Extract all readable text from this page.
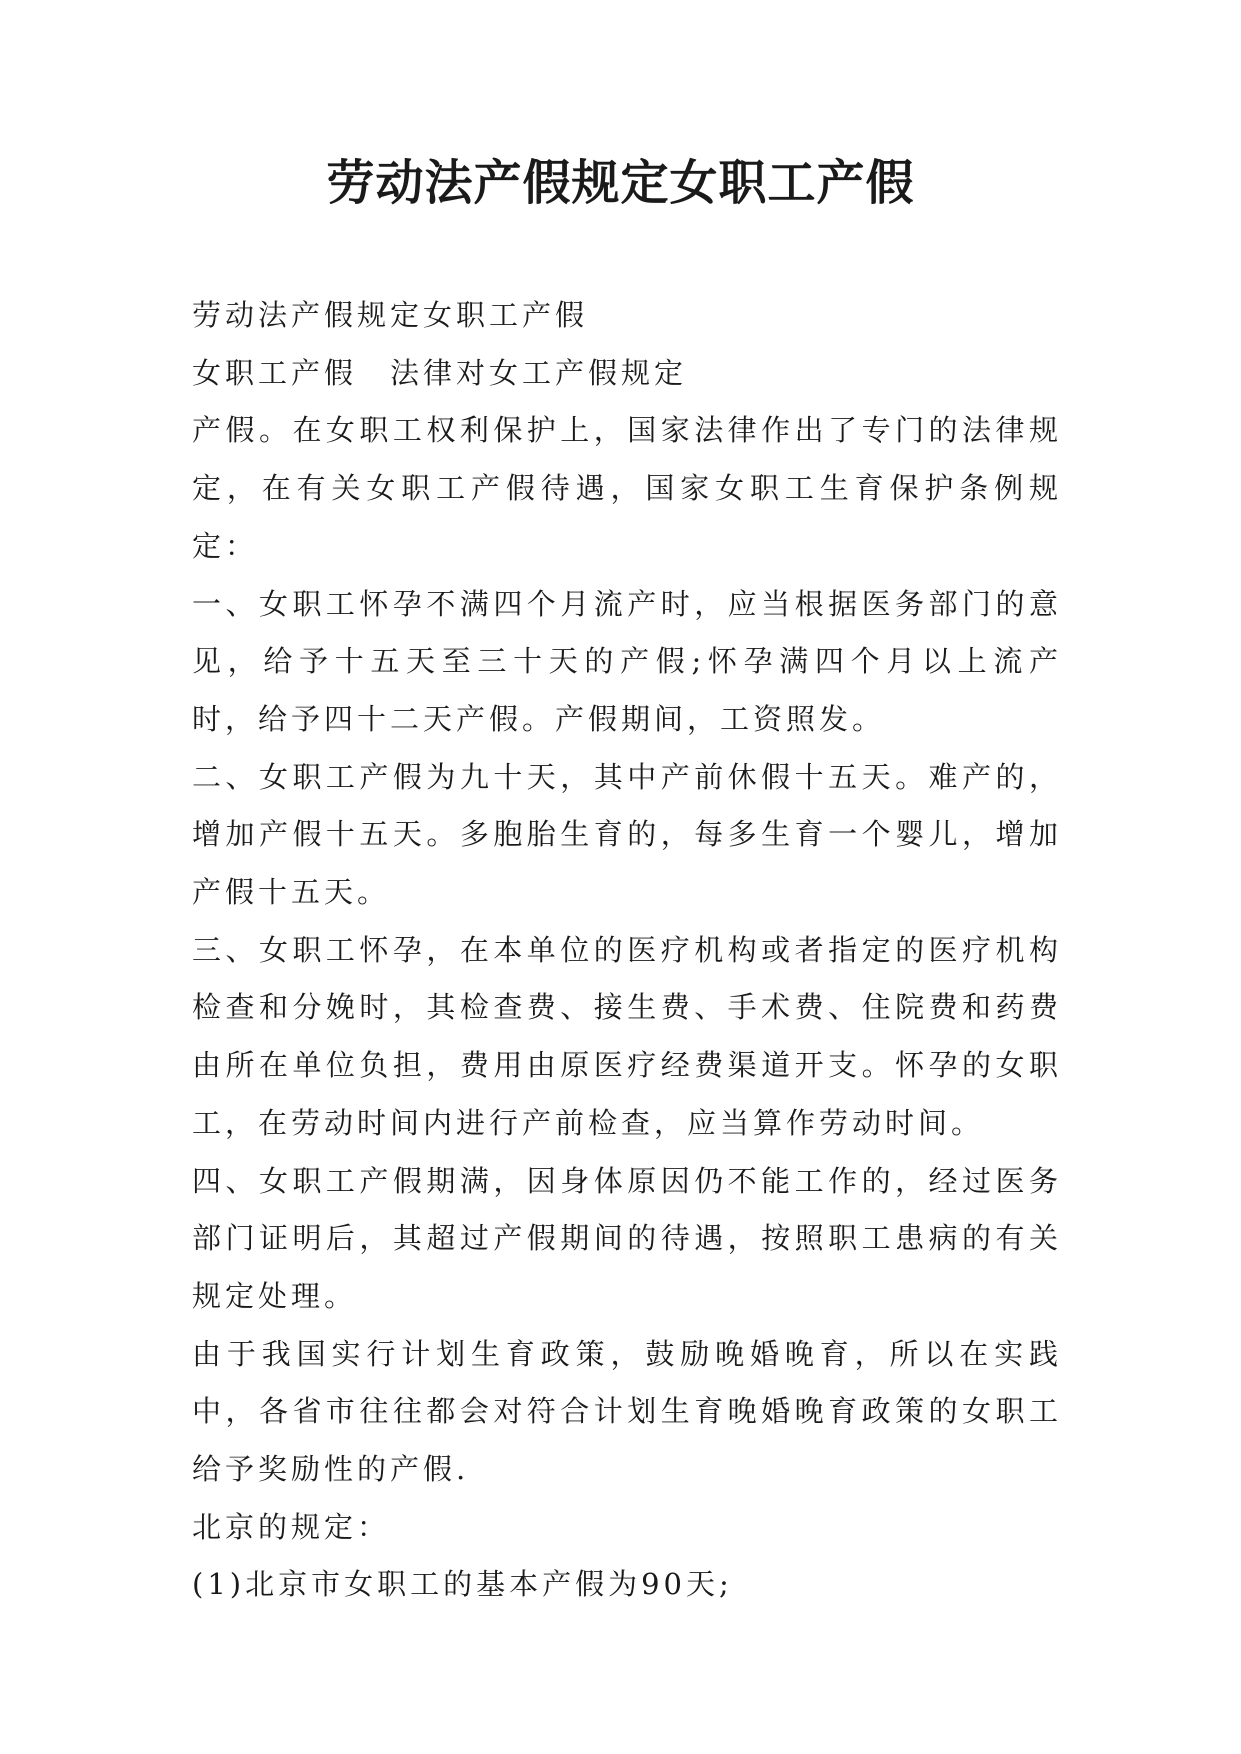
劳动法产假规定女职工产假

劳动法产假规定女职工产假

女职工产假　法律对女工产假规定

产假。在女职工权利保护上，国家法律作出了专门的法律规定，在有关女职工产假待遇，国家女职工生育保护条例规定：

一、女职工怀孕不满四个月流产时，应当根据医务部门的意见，给予十五天至三十天的产假;怀孕满四个月以上流产时，给予四十二天产假。产假期间，工资照发。

二、女职工产假为九十天，其中产前休假十五天。难产的，增加产假十五天。多胞胎生育的，每多生育一个婴儿，增加产假十五天。

三、女职工怀孕，在本单位的医疗机构或者指定的医疗机构检查和分娩时，其检查费、接生费、手术费、住院费和药费由所在单位负担，费用由原医疗经费渠道开支。怀孕的女职工，在劳动时间内进行产前检查，应当算作劳动时间。

四、女职工产假期满，因身体原因仍不能工作的，经过医务部门证明后，其超过产假期间的待遇，按照职工患病的有关规定处理。

由于我国实行计划生育政策，鼓励晚婚晚育，所以在实践中，各省市往往都会对符合计划生育晚婚晚育政策的女职工给予奖励性的产假.

北京的规定：

(1)北京市女职工的基本产假为90天;
